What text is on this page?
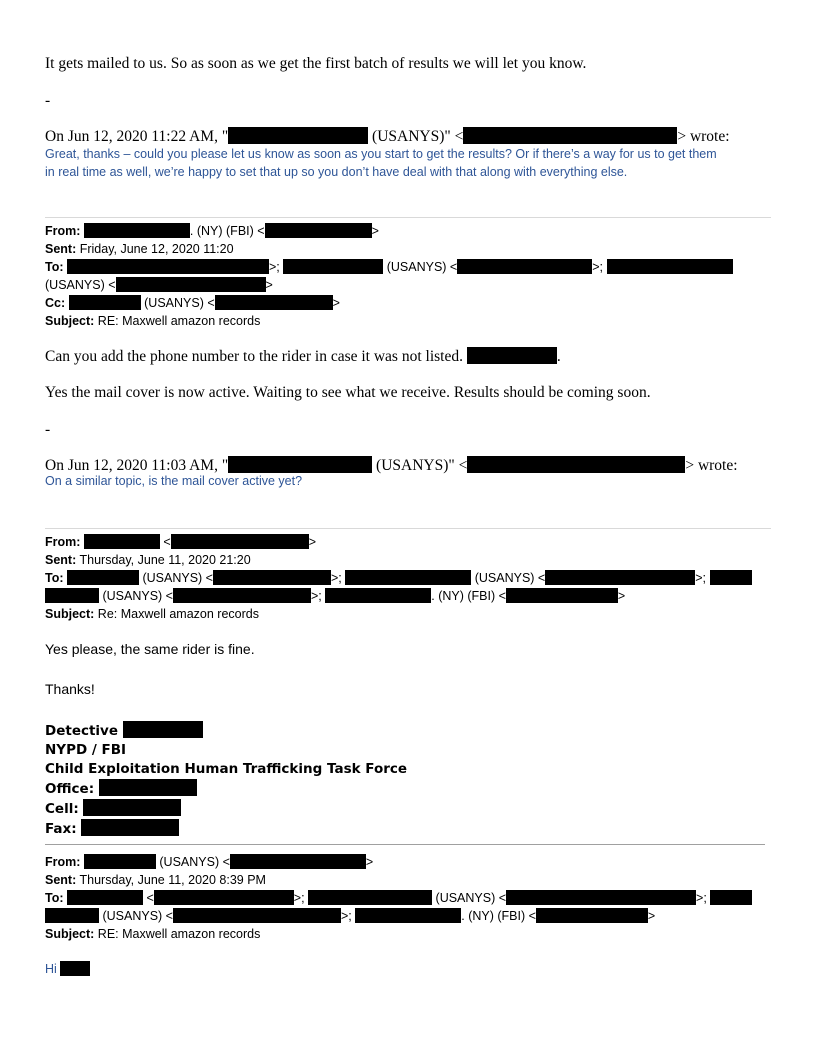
It gets mailed to us. So as soon as we get the first batch of results we will let you know.
-
On Jun 12, 2020 11:22 AM, "	(USANYS)" <	> wrote:
Great, thanks – could you please let us know as soon as you start to get the results? Or if there’s a way for us to get them
in real time as well, we’re happy to set that up so you don’t have deal with that along with everything else.
From:	. (NY) (FBI) <	>
Sent: Friday, June 12, 2020 11:20
To:	>;	(USANYS) <	>;
(USANYS) <	>
Cc:	(USANYS) <	>
Subject: RE: Maxwell amazon records
Can you add the phone number to the rider in case it was not listed.	.
Yes the mail cover is now active. Waiting to see what we receive. Results should be coming soon.
-
On Jun 12, 2020 11:03 AM, "	(USANYS)" <	> wrote:
On a similar topic, is the mail cover active yet?
From:	<	>
Sent: Thursday, June 11, 2020 21:20
To:	(USANYS) <	>;	(USANYS) <	>;
(USANYS) <	>;	. (NY) (FBI) <	>
Subject: Re: Maxwell amazon records
Yes please, the same rider is fine.
Thanks!
Detective
NYPD / FBI
Child Exploitation Human Trafficking Task Force
Office:
Cell:
Fax:
From:	(USANYS) <	>
Sent: Thursday, June 11, 2020 8:39 PM
To:	<	>;	(USANYS) <	>;
(USANYS) <	>;	. (NY) (FBI) <	>
Subject: RE: Maxwell amazon records
Hi
